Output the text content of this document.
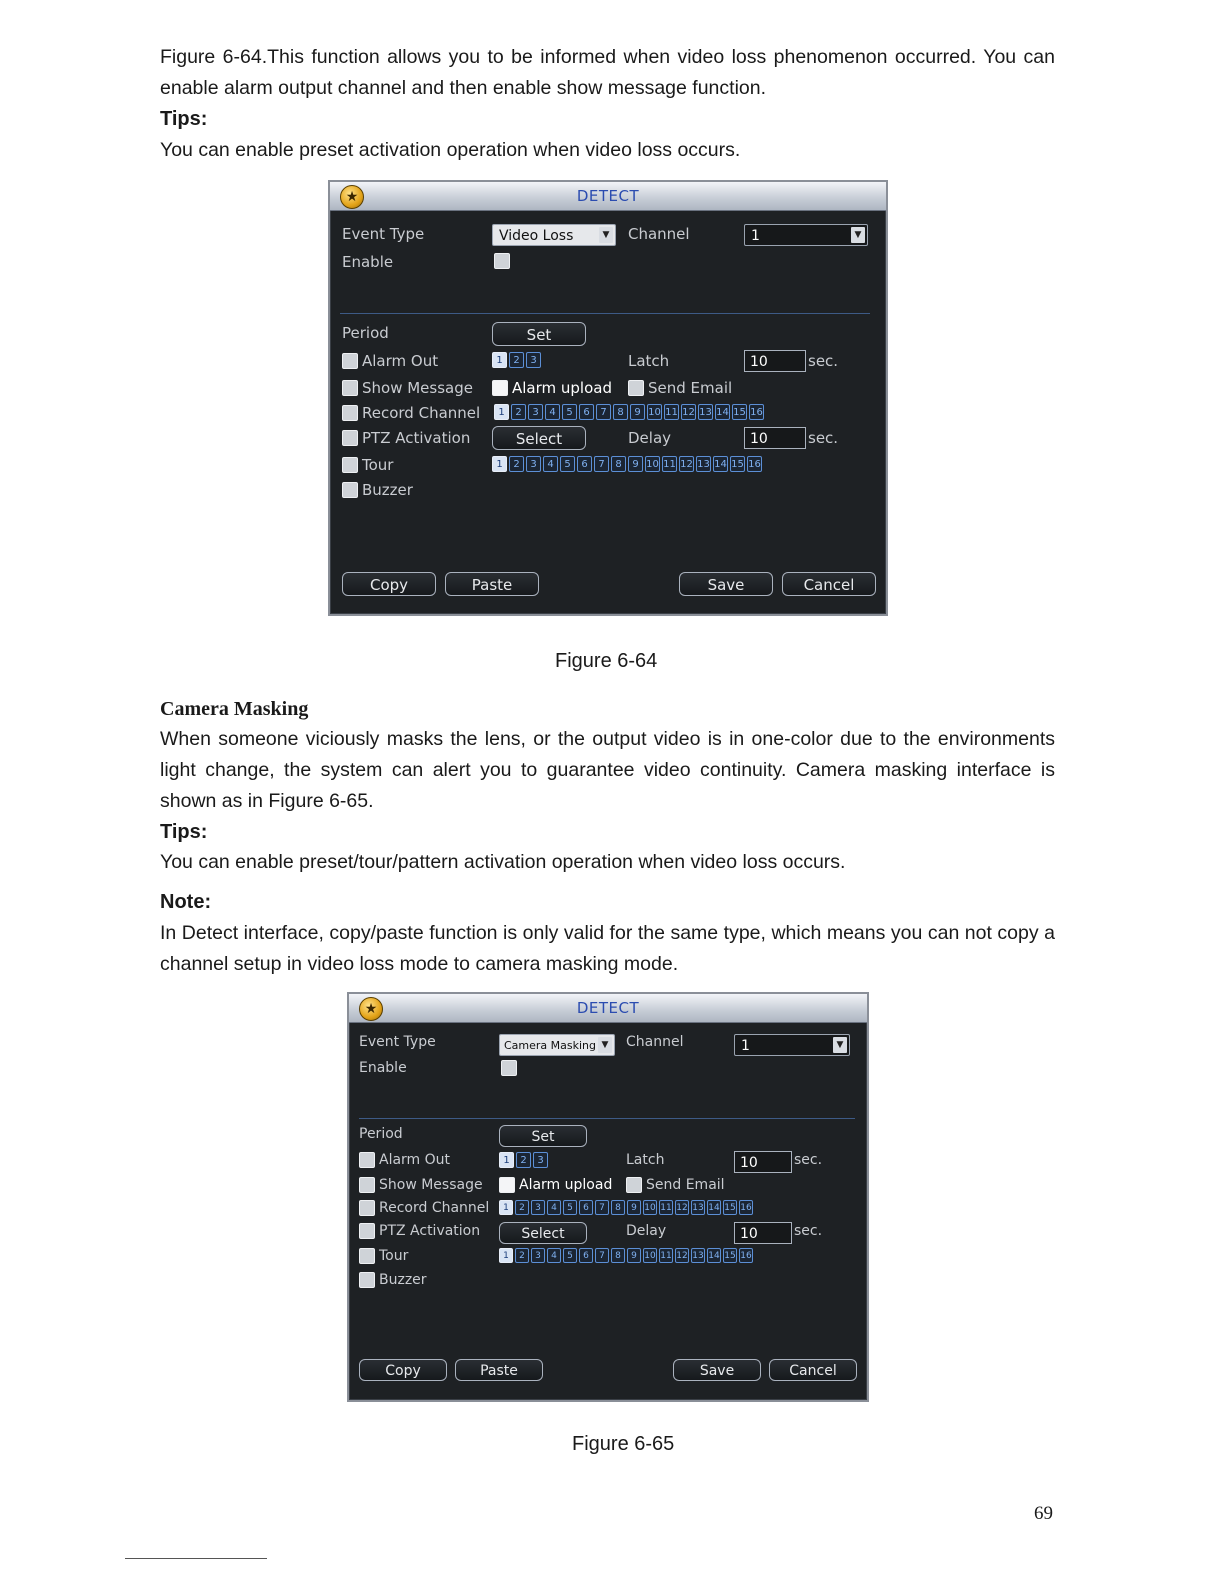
Figure 6-64.This function allows you to be informed when video loss phenomenon occurred. You can enable alarm output channel and then enable show message function.

Tips:

You can enable preset activation operation when video loss occurs.

★	DETECT
Event Type	Video Loss	▼ Channel	1	▼
Enable
Period	Set
Alarm Out	1	2	3	Latch	10	sec.
Show Message	Alarm upload Send Email
Record Channel	1	2	3	4	5	6	7	8	9 10 11 12 13 14 15 16
PTZ Activation	Select	Delay	10	sec.
Tour	1	2	3	4	5	6	7	8	9 10 11 12 13 14 15 16
Buzzer
Copy	Paste	Save	Cancel

Figure 6-64

Camera Masking

When someone viciously masks the lens, or the output video is in one-color due to the environments light change, the system can alert you to guarantee video continuity. Camera masking interface is shown as in Figure 6-65.

Tips:

You can enable preset/tour/pattern activation operation when video loss occurs.

Note:

In Detect interface, copy/paste function is only valid for the same type, which means you can not copy a channel setup in video loss mode to camera masking mode.

★	DETECT
Event Type	Camera Masking ▼ Channel	1	▼
Enable
Period	Set
Alarm Out	1	2	3	Latch	10	sec.
Show Message	Alarm upload Send Email
Record Channel	1	2	3	4	5	6	7	8	9 10 11 12 13 14 15 16
PTZ Activation	Select	Delay	10	sec.
Tour	1	2	3	4	5	6	7	8	9 10 11 12 13 14 15 16
Buzzer
Copy	Paste	Save	Cancel

Figure 6-65

69
